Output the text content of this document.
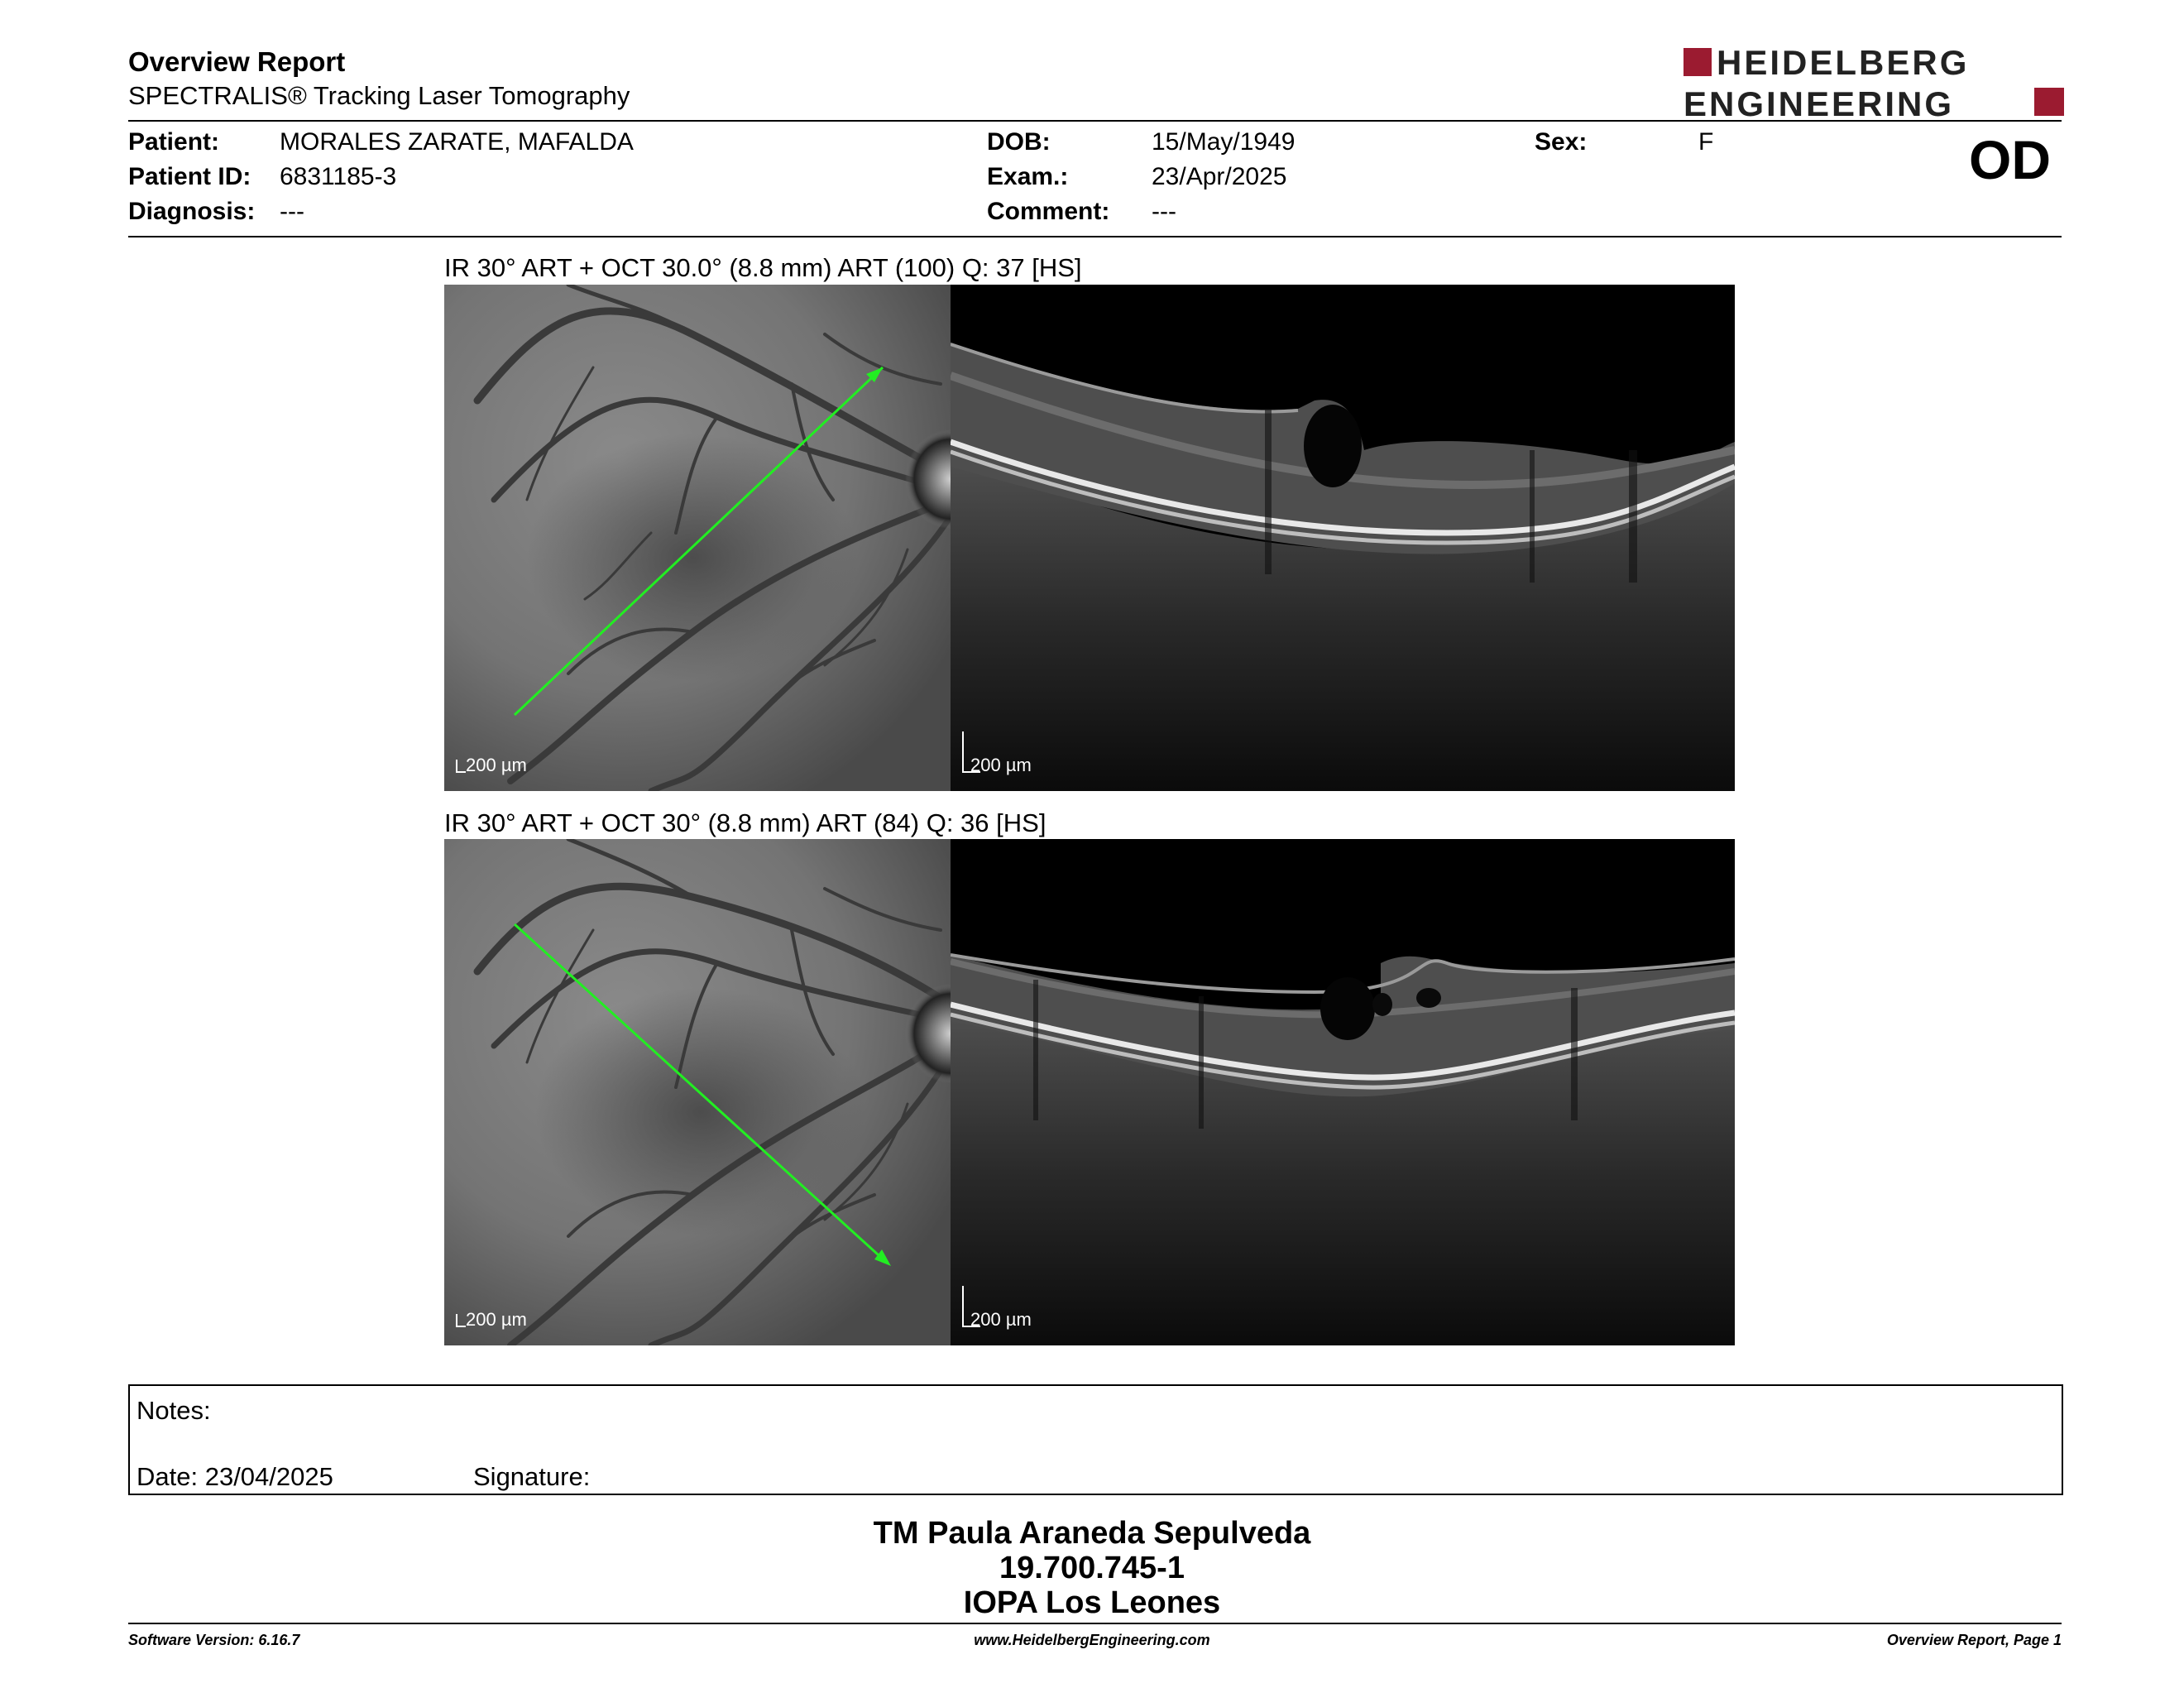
Overview Report
SPECTRALIS® Tracking Laser Tomography
HEIDELBERG
ENGINEERING
Patient: MORALES ZARATE, MAFALDA
Patient ID: 6831185-3
Diagnosis: ---
DOB:	15/May/1949
Exam.:	23/Apr/2025
Comment: ---
Sex:	F	OD
IR 30° ART + OCT 30.0° (8.8 mm) ART (100) Q: 37 [HS]
200 µm	200 µm
IR 30° ART + OCT 30° (8.8 mm) ART (84) Q: 36 [HS]
200 µm	200 µm
Notes:
Date: 23/04/2025	Signature:
TM Paula Araneda Sepulveda
19.700.745-1
IOPA Los Leones
Software Version: 6.16.7	www.HeidelbergEngineering.com	Overview Report, Page 1
